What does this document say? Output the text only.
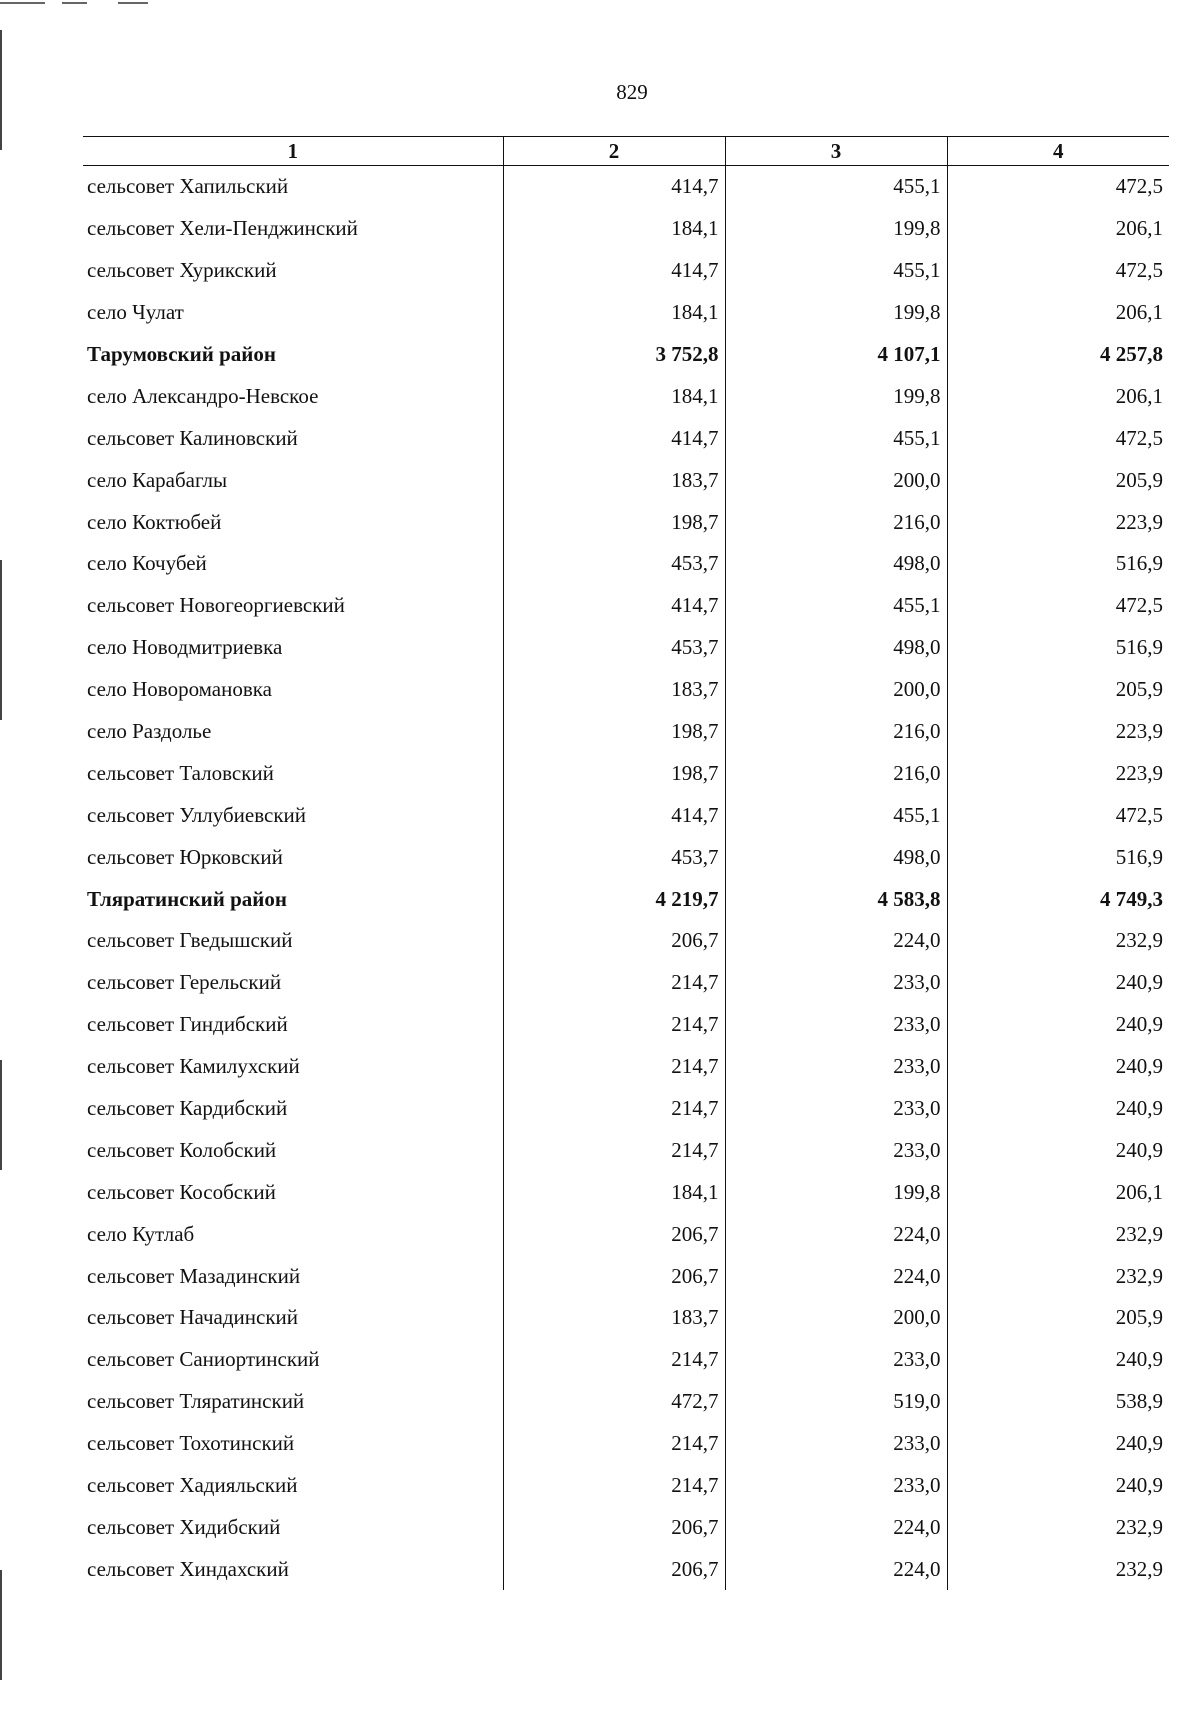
829
1	2	3	4
сельсовет Хапильский	414,7	455,1	472,5
сельсовет Хели-Пенджинский	184,1	199,8	206,1
сельсовет Хурикский	414,7	455,1	472,5
село Чулат	184,1	199,8	206,1
Тарумовский район	3 752,8	4 107,1	4 257,8
село Александро-Невское	184,1	199,8	206,1
сельсовет Калиновский	414,7	455,1	472,5
село Карабаглы	183,7	200,0	205,9
село Коктюбей	198,7	216,0	223,9
село Кочубей	453,7	498,0	516,9
сельсовет Новогеоргиевский	414,7	455,1	472,5
село Новодмитриевка	453,7	498,0	516,9
село Новоромановка	183,7	200,0	205,9
село Раздолье	198,7	216,0	223,9
сельсовет Таловский	198,7	216,0	223,9
сельсовет Уллубиевский	414,7	455,1	472,5
сельсовет Юрковский	453,7	498,0	516,9
Тляратинский район	4 219,7	4 583,8	4 749,3
сельсовет Гведышский	206,7	224,0	232,9
сельсовет Герельский	214,7	233,0	240,9
сельсовет Гиндибский	214,7	233,0	240,9
сельсовет Камилухский	214,7	233,0	240,9
сельсовет Кардибский	214,7	233,0	240,9
сельсовет Колобский	214,7	233,0	240,9
сельсовет Кособский	184,1	199,8	206,1
село Кутлаб	206,7	224,0	232,9
сельсовет Мазадинский	206,7	224,0	232,9
сельсовет Начадинский	183,7	200,0	205,9
сельсовет Саниортинский	214,7	233,0	240,9
сельсовет Тляратинский	472,7	519,0	538,9
сельсовет Тохотинский	214,7	233,0	240,9
сельсовет Хадияльский	214,7	233,0	240,9
сельсовет Хидибский	206,7	224,0	232,9
сельсовет Хиндахский	206,7	224,0	232,9
